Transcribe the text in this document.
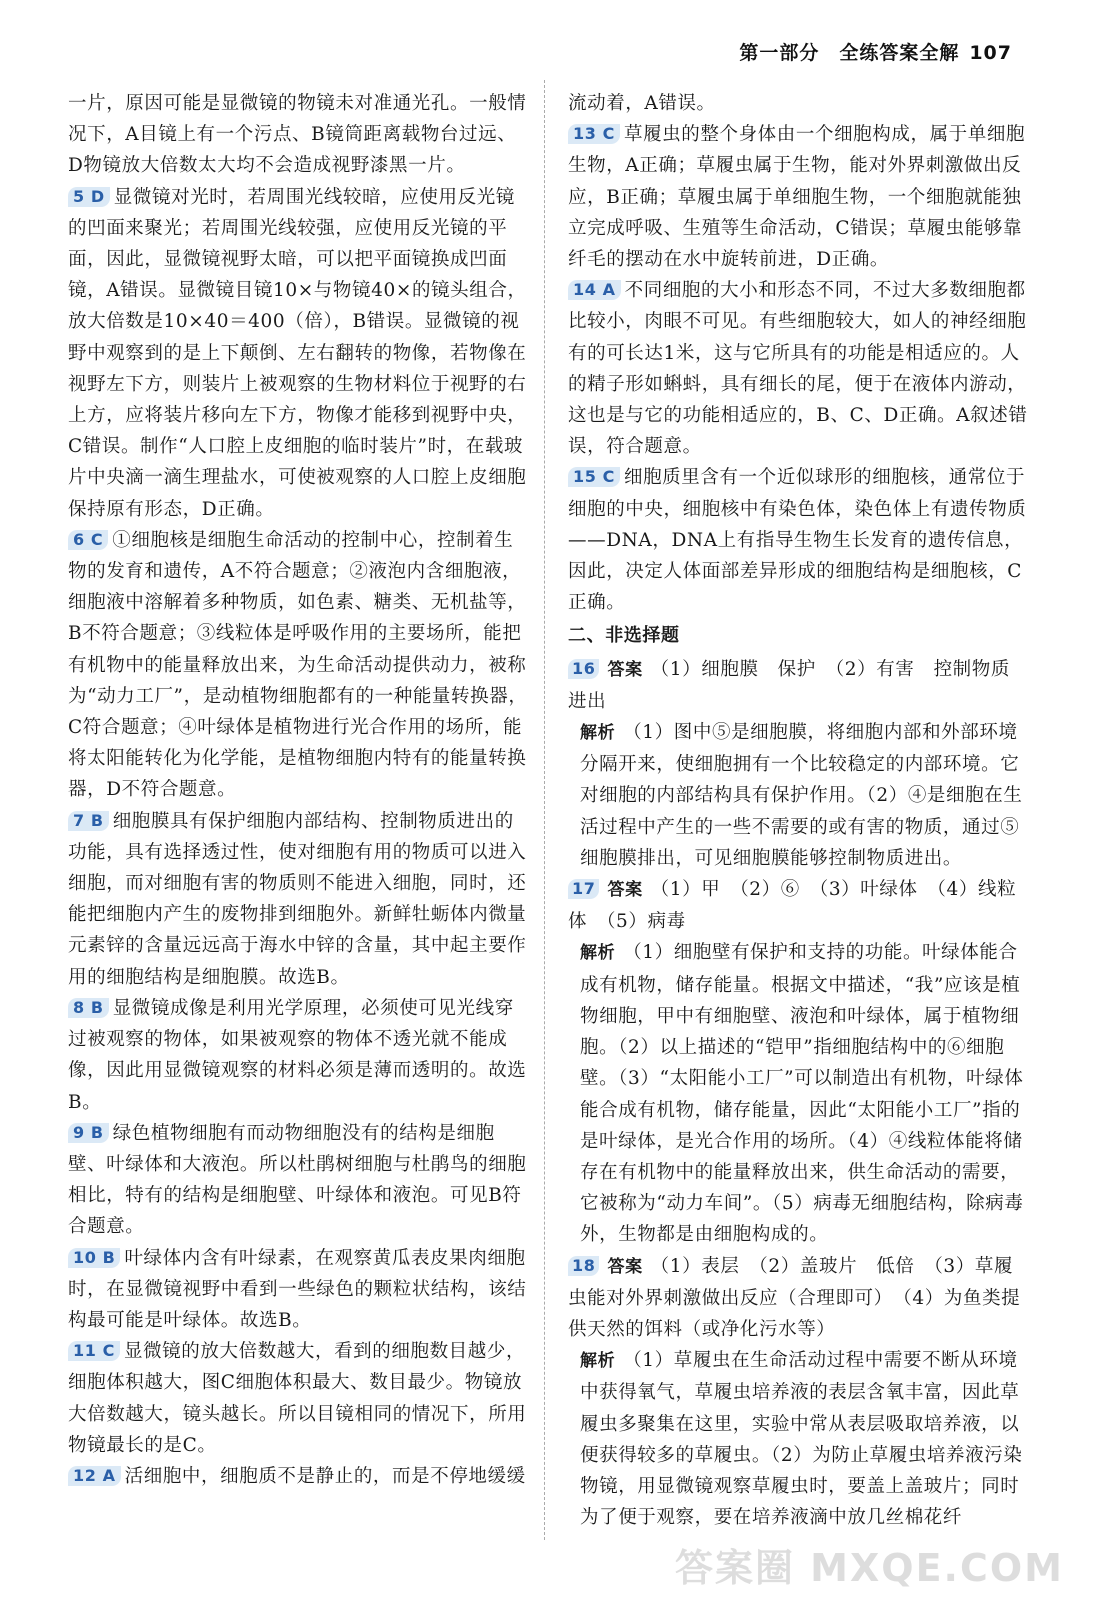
第一部分　全练答案全解 107
一片，原因可能是显微镜的物镜未对准通光孔。一般情况下，A目镜上有一个污点、B镜筒距离载物台过远、D物镜放大倍数太大均不会造成视野漆黑一片。
5 D 显微镜对光时，若周围光线较暗，应使用反光镜的凹面来聚光；若周围光线较强，应使用反光镜的平面，因此，显微镜视野太暗，可以把平面镜换成凹面镜，A错误。显微镜目镜10×与物镜40×的镜头组合，放大倍数是10×40＝400（倍），B错误。显微镜的视野中观察到的是上下颠倒、左右翻转的物像，若物像在视野左下方，则装片上被观察的生物材料位于视野的右上方，应将装片移向左下方，物像才能移到视野中央，C错误。制作“人口腔上皮细胞的临时装片”时，在载玻片中央滴一滴生理盐水，可使被观察的人口腔上皮细胞保持原有形态，D正确。
6 C ①细胞核是细胞生命活动的控制中心，控制着生物的发育和遗传，A不符合题意；②液泡内含细胞液，细胞液中溶解着多种物质，如色素、糖类、无机盐等，B不符合题意；③线粒体是呼吸作用的主要场所，能把有机物中的能量释放出来，为生命活动提供动力，被称为“动力工厂”，是动植物细胞都有的一种能量转换器，C符合题意；④叶绿体是植物进行光合作用的场所，能将太阳能转化为化学能，是植物细胞内特有的能量转换器，D不符合题意。
7 B 细胞膜具有保护细胞内部结构、控制物质进出的功能，具有选择透过性，使对细胞有用的物质可以进入细胞，而对细胞有害的物质则不能进入细胞，同时，还能把细胞内产生的废物排到细胞外。新鲜牡蛎体内微量元素锌的含量远远高于海水中锌的含量，其中起主要作用的细胞结构是细胞膜。故选B。
8 B 显微镜成像是利用光学原理，必须使可见光线穿过被观察的物体，如果被观察的物体不透光就不能成像，因此用显微镜观察的材料必须是薄而透明的。故选B。
9 B 绿色植物细胞有而动物细胞没有的结构是细胞壁、叶绿体和大液泡。所以杜鹃树细胞与杜鹃鸟的细胞相比，特有的结构是细胞壁、叶绿体和液泡。可见B符合题意。
10 B 叶绿体内含有叶绿素，在观察黄瓜表皮果肉细胞时，在显微镜视野中看到一些绿色的颗粒状结构，该结构最可能是叶绿体。故选B。
11 C 显微镜的放大倍数越大，看到的细胞数目越少，细胞体积越大，图C细胞体积最大、数目最少。物镜放大倍数越大，镜头越长。所以目镜相同的情况下，所用物镜最长的是C。
12 A 活细胞中，细胞质不是静止的，而是不停地缓缓
流动着，A错误。
13 C 草履虫的整个身体由一个细胞构成，属于单细胞生物，A正确；草履虫属于生物，能对外界刺激做出反应，B正确；草履虫属于单细胞生物，一个细胞就能独立完成呼吸、生殖等生命活动，C错误；草履虫能够靠纤毛的摆动在水中旋转前进，D正确。
14 A 不同细胞的大小和形态不同，不过大多数细胞都比较小，肉眼不可见。有些细胞较大，如人的神经细胞有的可长达1米，这与它所具有的功能是相适应的。人的精子形如蝌蚪，具有细长的尾，便于在液体内游动，这也是与它的功能相适应的，B、C、D正确。A叙述错误，符合题意。
15 C 细胞质里含有一个近似球形的细胞核，通常位于细胞的中央，细胞核中有染色体，染色体上有遗传物质——DNA，DNA上有指导生物生长发育的遗传信息，因此，决定人体面部差异形成的细胞结构是细胞核，C正确。
二、非选择题
16 答案 （1）细胞膜　保护　（2）有害　控制物质进出
解析 （1）图中⑤是细胞膜，将细胞内部和外部环境分隔开来，使细胞拥有一个比较稳定的内部环境。它对细胞的内部结构具有保护作用。（2）④是细胞在生活过程中产生的一些不需要的或有害的物质，通过⑤细胞膜排出，可见细胞膜能够控制物质进出。
17 答案 （1）甲　（2）⑥　（3）叶绿体　（4）线粒体　（5）病毒
解析 （1）细胞壁有保护和支持的功能。叶绿体能合成有机物，储存能量。根据文中描述，“我”应该是植物细胞，甲中有细胞壁、液泡和叶绿体，属于植物细胞。（2）以上描述的“铠甲”指细胞结构中的⑥细胞壁。（3）“太阳能小工厂”可以制造出有机物，叶绿体能合成有机物，储存能量，因此“太阳能小工厂”指的是叶绿体，是光合作用的场所。（4）④线粒体能将储存在有机物中的能量释放出来，供生命活动的需要，它被称为“动力车间”。（5）病毒无细胞结构，除病毒外，生物都是由细胞构成的。
18 答案 （1）表层　（2）盖玻片　低倍　（3）草履虫能对外界刺激做出反应（合理即可）　（4）为鱼类提供天然的饵料（或净化污水等）
解析 （1）草履虫在生命活动过程中需要不断从环境中获得氧气，草履虫培养液的表层含氧丰富，因此草履虫多聚集在这里，实验中常从表层吸取培养液，以便获得较多的草履虫。（2）为防止草履虫培养液污染物镜，用显微镜观察草履虫时，要盖上盖玻片；同时为了便于观察，要在培养液滴中放几丝棉花纤
答案圈 MXQE.COM
